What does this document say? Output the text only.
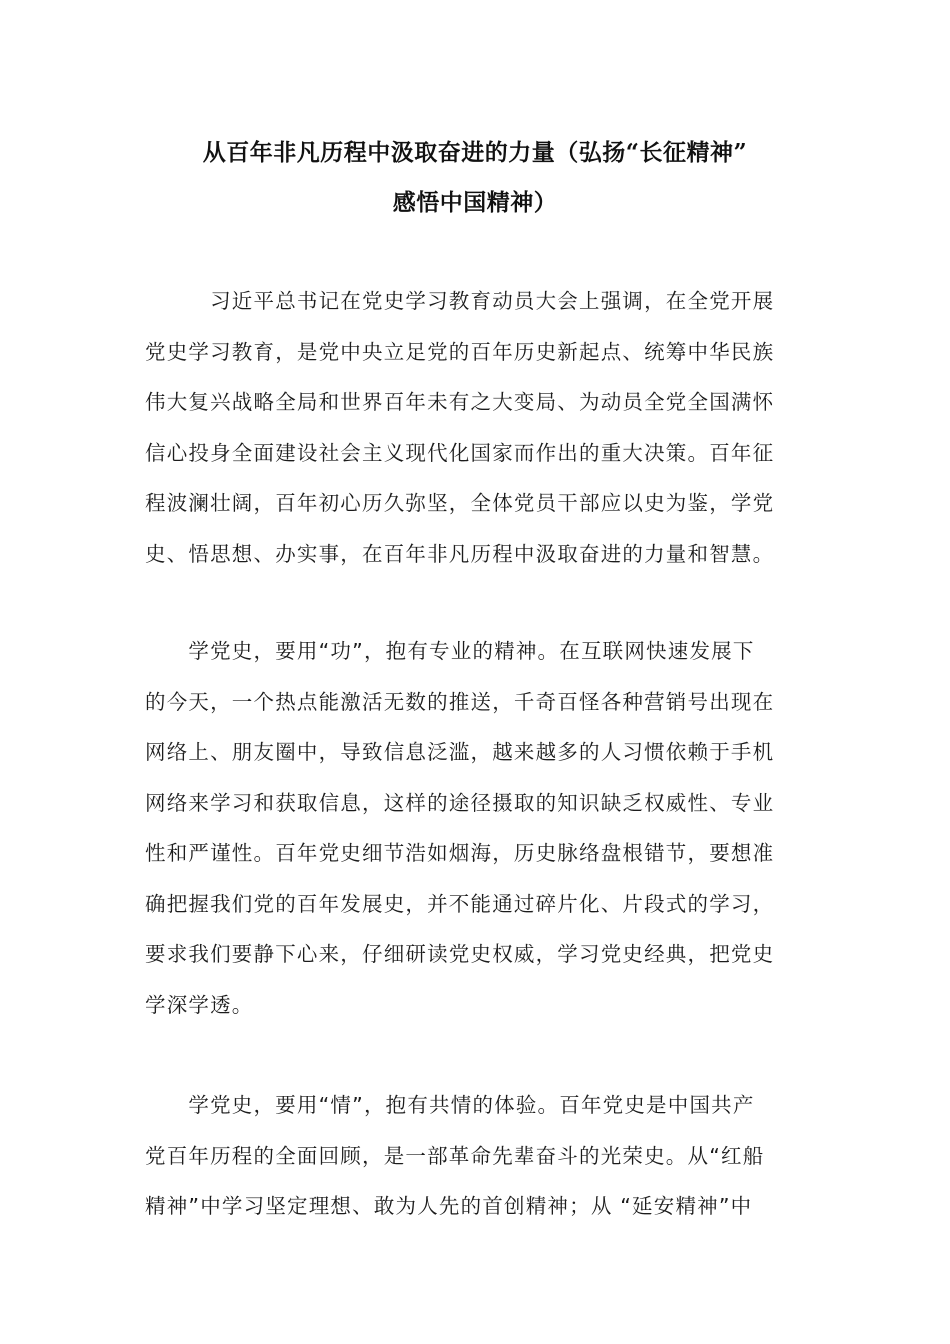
从百年非凡历程中汲取奋进的力量（弘扬“长征精神”
感悟中国精神）
　　　习近平总书记在党史学习教育动员大会上强调，在全党开展
党史学习教育，是党中央立足党的百年历史新起点、统筹中华民族
伟大复兴战略全局和世界百年未有之大变局、为动员全党全国满怀
信心投身全面建设社会主义现代化国家而作出的重大决策。百年征
程波澜壮阔，百年初心历久弥坚，全体党员干部应以史为鉴，学党
史、悟思想、办实事，在百年非凡历程中汲取奋进的力量和智慧。
　　学党史，要用“功”，抱有专业的精神。在互联网快速发展下
的今天，一个热点能激活无数的推送，千奇百怪各种营销号出现在
网络上、朋友圈中，导致信息泛滥，越来越多的人习惯依赖于手机
网络来学习和获取信息，这样的途径摄取的知识缺乏权威性、专业
性和严谨性。百年党史细节浩如烟海，历史脉络盘根错节，要想准
确把握我们党的百年发展史，并不能通过碎片化、片段式的学习，
要求我们要静下心来，仔细研读党史权威，学习党史经典，把党史
学深学透。
　　学党史，要用“情”，抱有共情的体验。百年党史是中国共产
党百年历程的全面回顾，是一部革命先辈奋斗的光荣史。从“红船
精神”中学习坚定理想、敢为人先的首创精神；从 “延安精神”中
